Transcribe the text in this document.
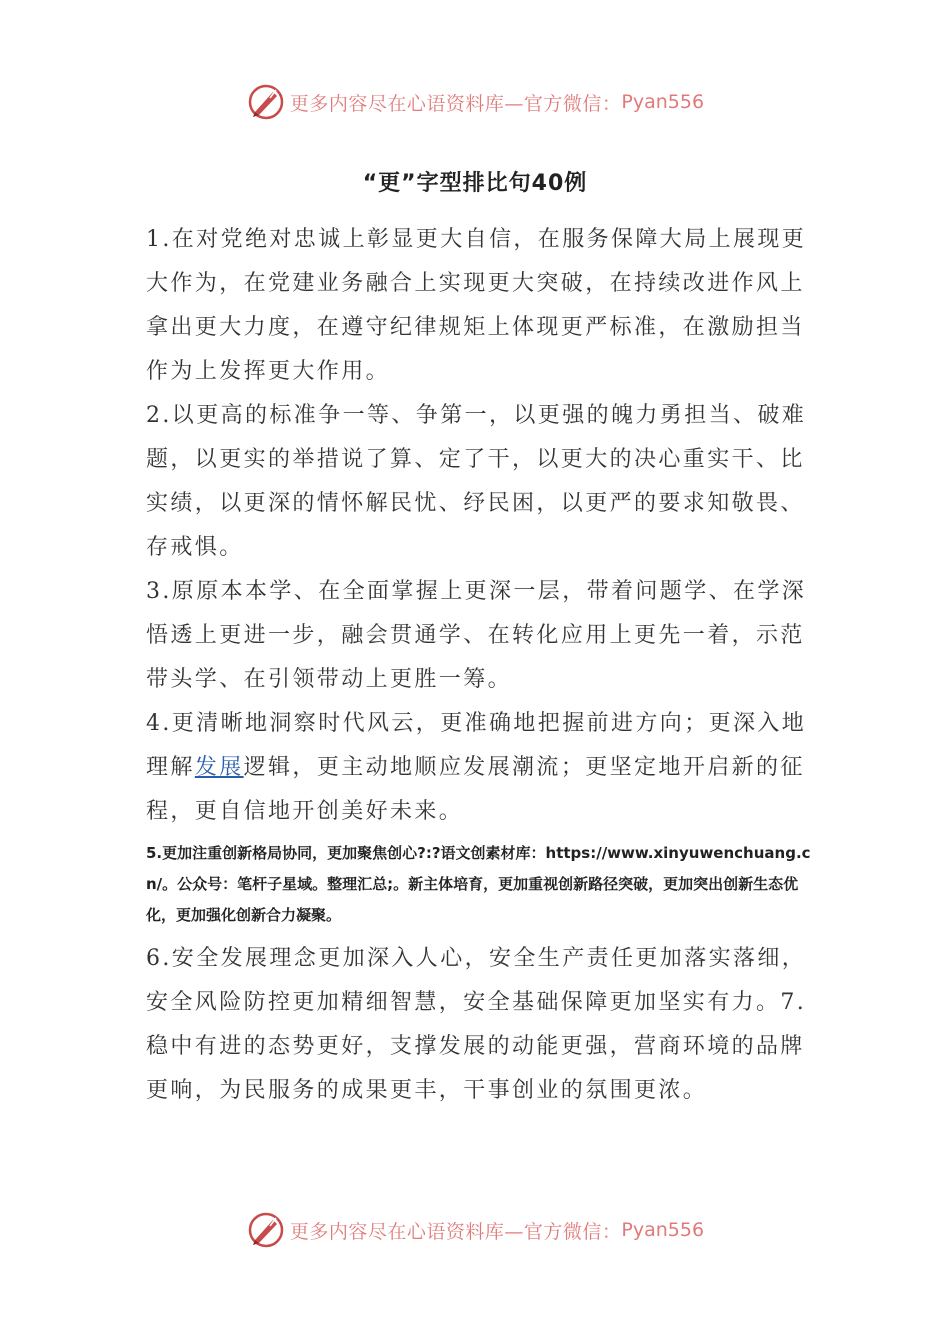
更多内容尽在心语资料库—官方微信： Pyan556
“更”字型排比句40例

1.在对党绝对忠诚上彰显更大自信，在服务保障大局上展现更大作为，在党建业务融合上实现更大突破，在持续改进作风上拿出更大力度，在遵守纪律规矩上体现更严标准，在激励担当作为上发挥更大作用。

2.以更高的标准争一等、争第一，以更强的魄力勇担当、破难题，以更实的举措说了算、定了干，以更大的决心重实干、比实绩，以更深的情怀解民忧、纾民困，以更严的要求知敬畏、存戒惧。

3.原原本本学、在全面掌握上更深一层，带着问题学、在学深悟透上更进一步，融会贯通学、在转化应用上更先一着，示范带头学、在引领带动上更胜一筹。

4.更清晰地洞察时代风云，更准确地把握前进方向；更深入地理解发展逻辑，更主动地顺应发展潮流；更坚定地开启新的征程，更自信地开创美好未来。

5.更加注重创新格局协同，更加聚焦创心?:?语文创素材库：https://www.xinyuwenchuang.cn/。公众号：笔杆子星域。整理汇总;。新主体培育，更加重视创新路径突破，更加突出创新生态优化，更加强化创新合力凝聚。

6.安全发展理念更加深入人心，安全生产责任更加落实落细，安全风险防控更加精细智慧，安全基础保障更加坚实有力。7.稳中有进的态势更好，支撑发展的动能更强，营商环境的品牌更响，为民服务的成果更丰，干事创业的氛围更浓。

更多内容尽在心语资料库—官方微信： Pyan556
